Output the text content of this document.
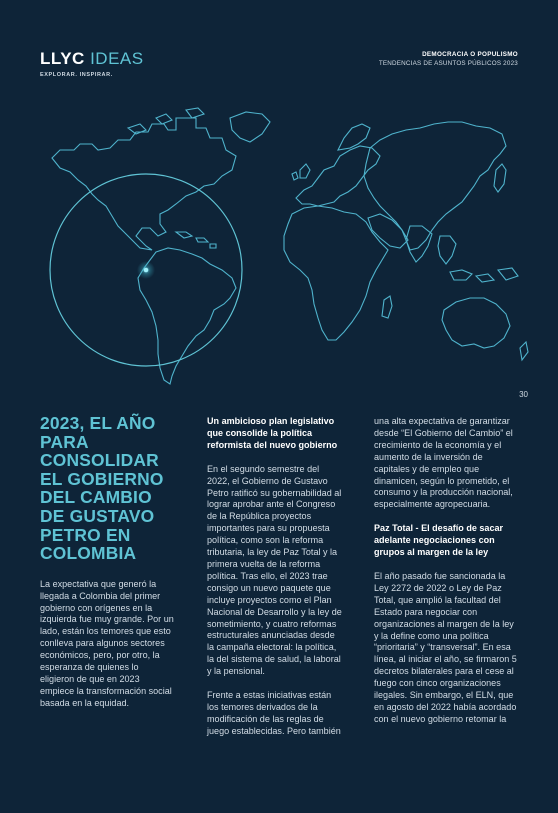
LLYC IDEAS
EXPLORAR. INSPIRAR.
DEMOCRACIA O POPULISMO
TENDENCIAS DE ASUNTOS PÚBLICOS 2023
30
2023, EL AÑO PARA CONSOLIDAR EL GOBIERNO DEL CAMBIO DE GUSTAVO PETRO EN COLOMBIA

La expectativa que generó la llegada a Colombia del primer gobierno con orígenes en la izquierda fue muy grande. Por un lado, están los temores que esto conlleva para algunos sectores económicos, pero, por otro, la esperanza de quienes lo eligieron de que en 2023 empiece la transformación social basada en la equidad.

Un ambicioso plan legislativo que consolide la política reformista del nuevo gobierno

En el segundo semestre del 2022, el Gobierno de Gustavo Petro ratificó su gobernabilidad al lograr aprobar ante el Congreso de la República proyectos importantes para su propuesta política, como son la reforma tributaria, la ley de Paz Total y la primera vuelta de la reforma política. Tras ello, el 2023 trae consigo un nuevo paquete que incluye proyectos como el Plan Nacional de Desarrollo y la ley de sometimiento, y cuatro reformas estructurales anunciadas desde la campaña electoral: la política, la del sistema de salud, la laboral y la pensional.

Frente a estas iniciativas están los temores derivados de la modificación de las reglas de juego establecidas. Pero también

una alta expectativa de garantizar desde “El Gobierno del Cambio” el crecimiento de la economía y el aumento de la inversión de capitales y de empleo que dinamicen, según lo prometido, el consumo y la producción nacional, especialmente agropecuaria.

Paz Total - El desafío de sacar adelante negociaciones con grupos al margen de la ley

El año pasado fue sancionada la Ley 2272 de 2022 o Ley de Paz Total, que amplió la facultad del Estado para negociar con organizaciones al margen de la ley y la define como una política “prioritaria” y “transversal”. En esa línea, al iniciar el año, se firmaron 5 decretos bilaterales para el cese al fuego con cinco organizaciones ilegales. Sin embargo, el ELN, que en agosto del 2022 había acordado con el nuevo gobierno retomar la
